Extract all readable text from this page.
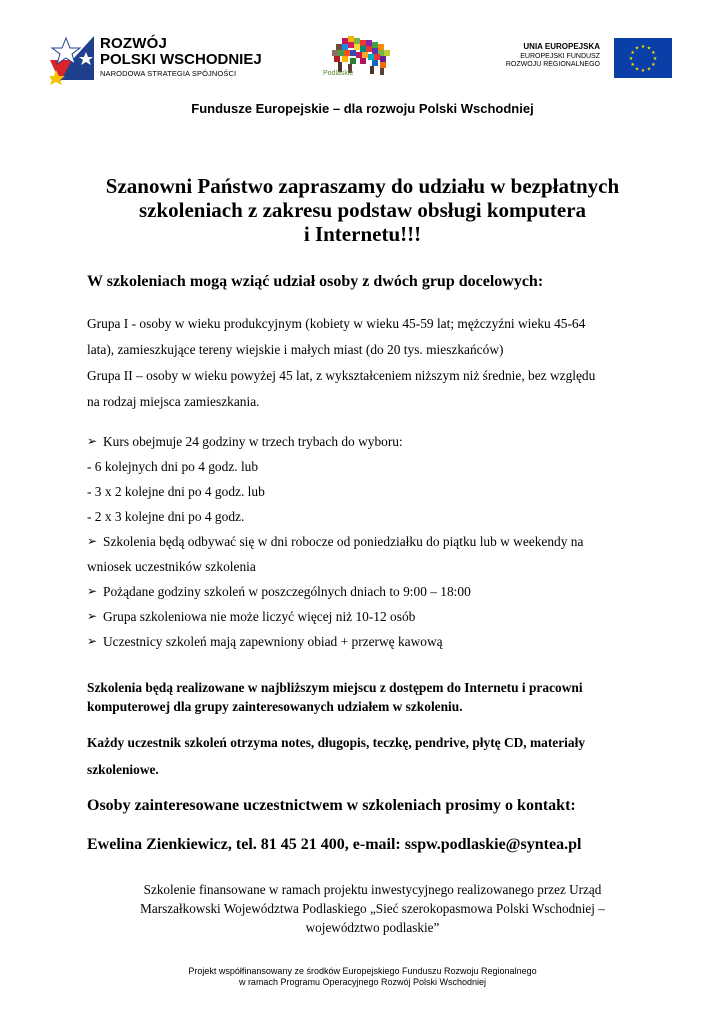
ROZWÓJ
POLSKI WSCHODNIEJ
NARODOWA STRATEGIA SPÓJNOŚCI	Podlaskie
UNIA EUROPEJSKA
EUROPEJSKI FUNDUSZ
ROZWOJU REGIONALNEGO
★ ★
★
★
★
★
★
★
★
★
★
★
Fundusze Europejskie – dla rozwoju Polski Wschodniej
Szanowni Państwo zapraszamy do udziału w bezpłatnych
szkoleniach z zakresu podstaw obsługi komputera
i Internetu!!!
W szkoleniach mogą wziąć udział osoby z dwóch grup docelowych:

Grupa I - osoby w wieku produkcyjnym (kobiety w wieku 45-59 lat; mężczyźni wieku 45-64

lata), zamieszkujące tereny wiejskie i małych miast (do 20 tys. mieszkańców)

Grupa II – osoby w wieku powyżej 45 lat, z wykształceniem niższym niż średnie, bez względu

na rodzaj miejsca zamieszkania.

➢ Kurs obejmuje 24 godziny w trzech trybach do wyboru:
- 6 kolejnych dni po 4 godz. lub
- 3 x 2 kolejne dni po 4 godz. lub
- 2 x 3 kolejne dni po 4 godz.
➢ Szkolenia będą odbywać się w dni robocze od poniedziałku do piątku lub w weekendy na
wniosek uczestników szkolenia
➢ Pożądane godziny szkoleń w poszczególnych dniach to 9:00 – 18:00
➢ Grupa szkoleniowa nie może liczyć więcej niż 10-12 osób
➢ Uczestnicy szkoleń mają zapewniony obiad + przerwę kawową
Szkolenia będą realizowane w najbliższym miejscu z dostępem do Internetu i pracowni
komputerowej dla grupy zainteresowanych udziałem w szkoleniu.
Każdy uczestnik szkoleń otrzyma notes, długopis, teczkę, pendrive, płytę CD, materiały
szkoleniowe.
Osoby zainteresowane uczestnictwem w szkoleniach prosimy o kontakt:
Ewelina Zienkiewicz, tel. 81 45 21 400, e-mail: sspw.podlaskie@syntea.pl
Szkolenie finansowane w ramach projektu inwestycyjnego realizowanego przez Urząd
Marszałkowski Województwa Podlaskiego „Sieć szerokopasmowa Polski Wschodniej –
województwo podlaskie”
Projekt współfinansowany ze środków Europejskiego Funduszu Rozwoju Regionalnego
w ramach Programu Operacyjnego Rozwój Polski Wschodniej
